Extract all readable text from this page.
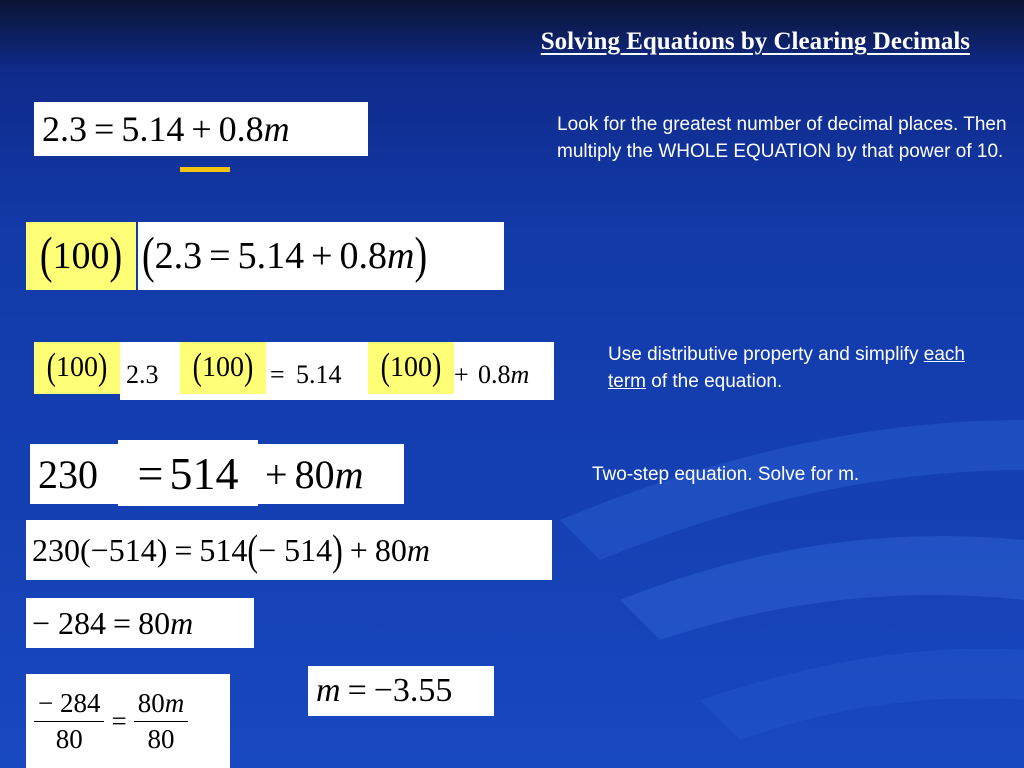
Solving Equations by Clearing Decimals
Look for the greatest number of decimal places. Then multiply the WHOLE EQUATION by that power of 10.
Use distributive property and simplify each term of the equation.
Two-step equation. Solve for m.
2.3 = 5.14 + 0.8 m
( 100 ) ( 2.3 = 5.14 + 0.8 m )
2.3	= 5.14	+ 0.8m
( 100 )	( 100 )	( 100 )
230 = 514 + 80 m
230(−514) = 514 ( − 514 ) + 80 m
− 284 = 80 m
$\frac{- 284}{80} = \frac{80m}{80}$	m = −3.55
